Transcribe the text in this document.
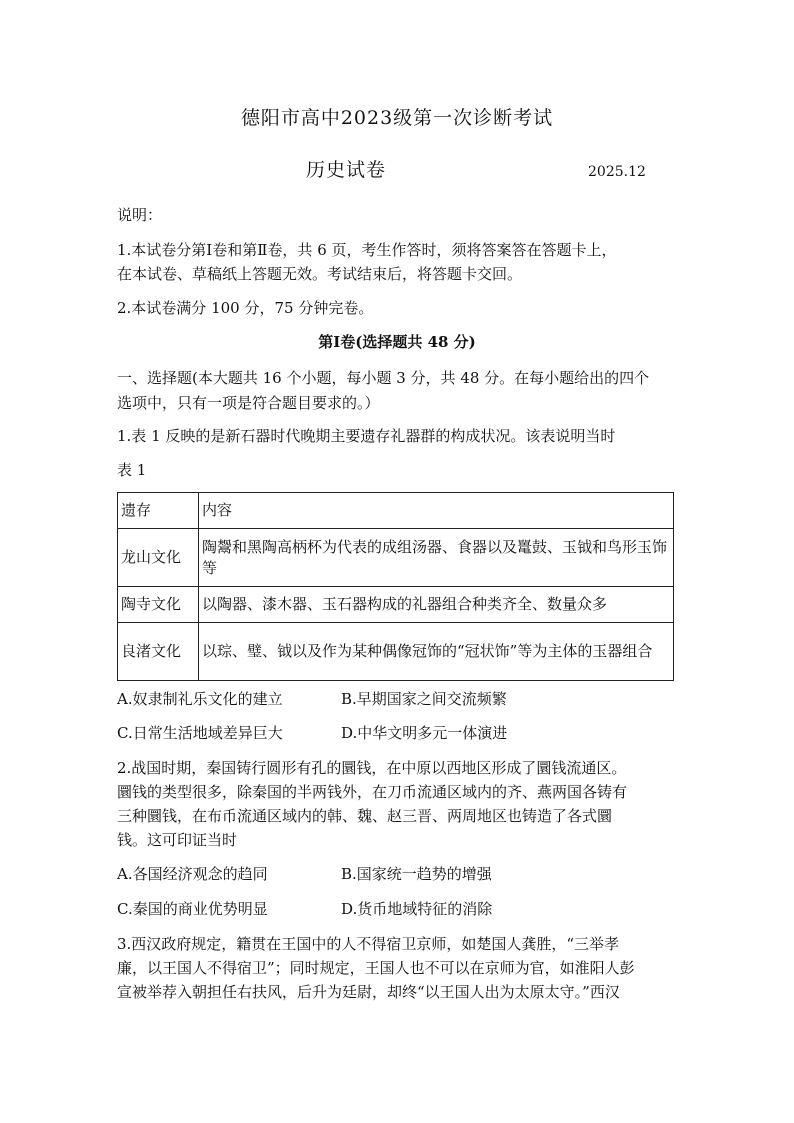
德阳市高中2023级第一次诊断考试
历史试卷	2025.12
说明：
1.本试卷分第Ⅰ卷和第Ⅱ卷，共 6 页，考生作答时，须将答案答在答题卡上，
在本试卷、草稿纸上答题无效。考试结束后，将答题卡交回。
2.本试卷满分 100 分，75 分钟完卷。
第Ⅰ卷(选择题共 48 分)
一、选择题(本大题共 16 个小题，每小题 3 分，共 48 分。在每小题给出的四个
选项中，只有一项是符合题目要求的。）
1.表 1 反映的是新石器时代晚期主要遗存礼器群的构成状况。该表说明当时
表 1
遗存	内容
龙山文化	陶鬶和黑陶高柄杯为代表的成组汤器、食器以及鼍鼓、玉钺和鸟形玉饰等
陶寺文化	以陶器、漆木器、玉石器构成的礼器组合种类齐全、数量众多
良渚文化	以琮、璧、钺以及作为某种偶像冠饰的“冠状饰”等为主体的玉器组合
A.奴隶制礼乐文化的建立	B.早期国家之间交流频繁
C.日常生活地域差异巨大	D.中华文明多元一体演进
2.战国时期，秦国铸行圆形有孔的圜钱，在中原以西地区形成了圜钱流通区。
圜钱的类型很多，除秦国的半两钱外，在刀币流通区域内的齐、燕两国各铸有
三种圜钱，在布币流通区域内的韩、魏、赵三晋、两周地区也铸造了各式圜
钱。这可印证当时
A.各国经济观念的趋同	B.国家统一趋势的增强
C.秦国的商业优势明显	D.货币地域特征的消除
3.西汉政府规定，籍贯在王国中的人不得宿卫京师，如楚国人龚胜，“三举孝
廉，以王国人不得宿卫”；同时规定，王国人也不可以在京师为官，如淮阳人彭
宣被举荐入朝担任右扶风，后升为廷尉，却终“以王国人出为太原太守。”西汉
